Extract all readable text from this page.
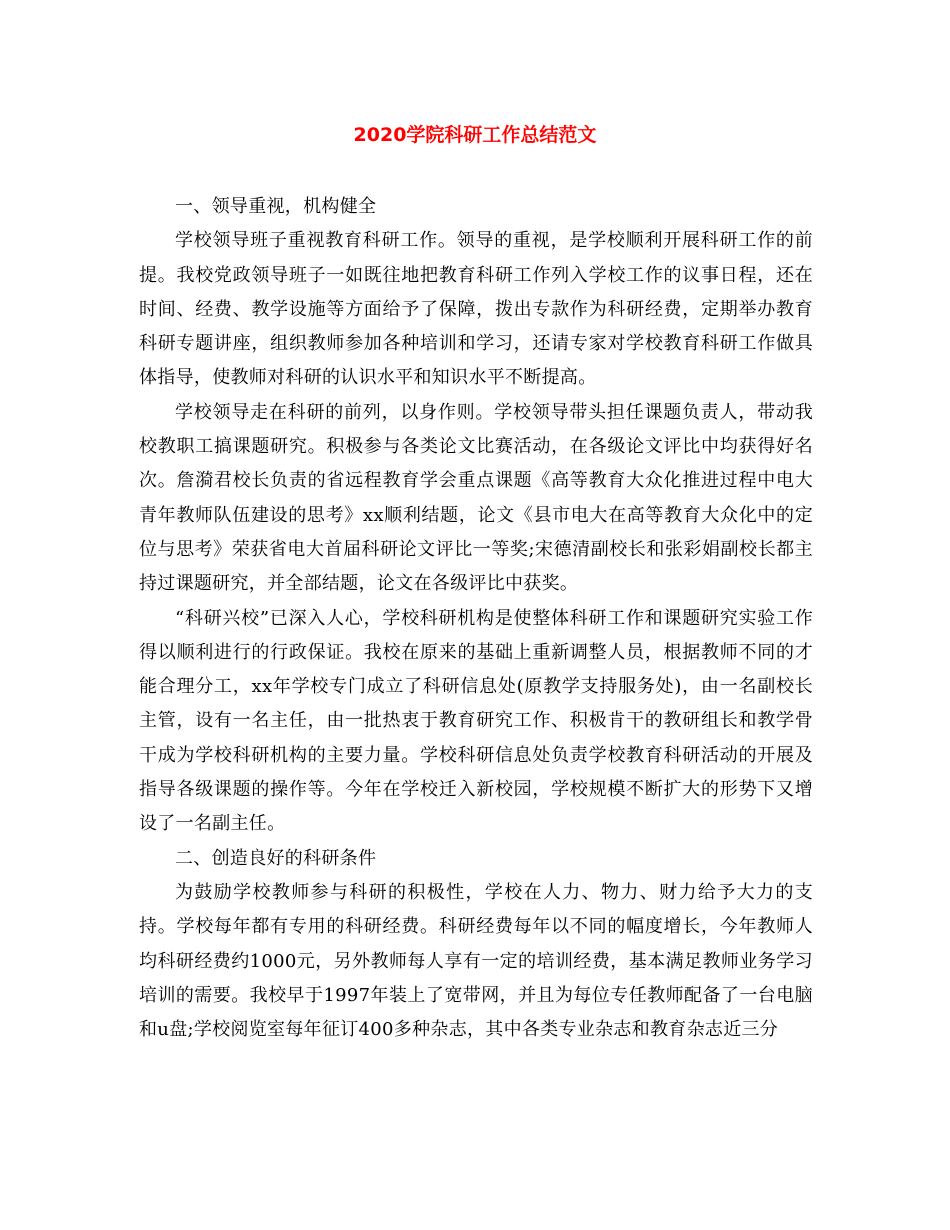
2020学院科研工作总结范文

一、领导重视，机构健全

学校领导班子重视教育科研工作。领导的重视，是学校顺利开展科研工作的前提。我校党政领导班子一如既往地把教育科研工作列入学校工作的议事日程，还在时间、经费、教学设施等方面给予了保障，拨出专款作为科研经费，定期举办教育科研专题讲座，组织教师参加各种培训和学习，还请专家对学校教育科研工作做具体指导，使教师对科研的认识水平和知识水平不断提高。

学校领导走在科研的前列，以身作则。学校领导带头担任课题负责人，带动我校教职工搞课题研究。积极参与各类论文比赛活动，在各级论文评比中均获得好名次。詹漪君校长负责的省远程教育学会重点课题《高等教育大众化推进过程中电大青年教师队伍建设的思考》xx顺利结题，论文《县市电大在高等教育大众化中的定位与思考》荣获省电大首届科研论文评比一等奖;宋德清副校长和张彩娟副校长都主持过课题研究，并全部结题，论文在各级评比中获奖。

“科研兴校”已深入人心，学校科研机构是使整体科研工作和课题研究实验工作得以顺利进行的行政保证。我校在原来的基础上重新调整人员，根据教师不同的才能合理分工，xx年学校专门成立了科研信息处(原教学支持服务处)，由一名副校长主管，设有一名主任，由一批热衷于教育研究工作、积极肯干的教研组长和教学骨干成为学校科研机构的主要力量。学校科研信息处负责学校教育科研活动的开展及指导各级课题的操作等。今年在学校迁入新校园，学校规模不断扩大的形势下又增设了一名副主任。

二、创造良好的科研条件

为鼓励学校教师参与科研的积极性，学校在人力、物力、财力给予大力的支持。学校每年都有专用的科研经费。科研经费每年以不同的幅度增长，今年教师人均科研经费约1000元，另外教师每人享有一定的培训经费，基本满足教师业务学习培训的需要。我校早于1997年装上了宽带网，并且为每位专任教师配备了一台电脑和u盘;学校阅览室每年征订400多种杂志，其中各类专业杂志和教育杂志近三分
